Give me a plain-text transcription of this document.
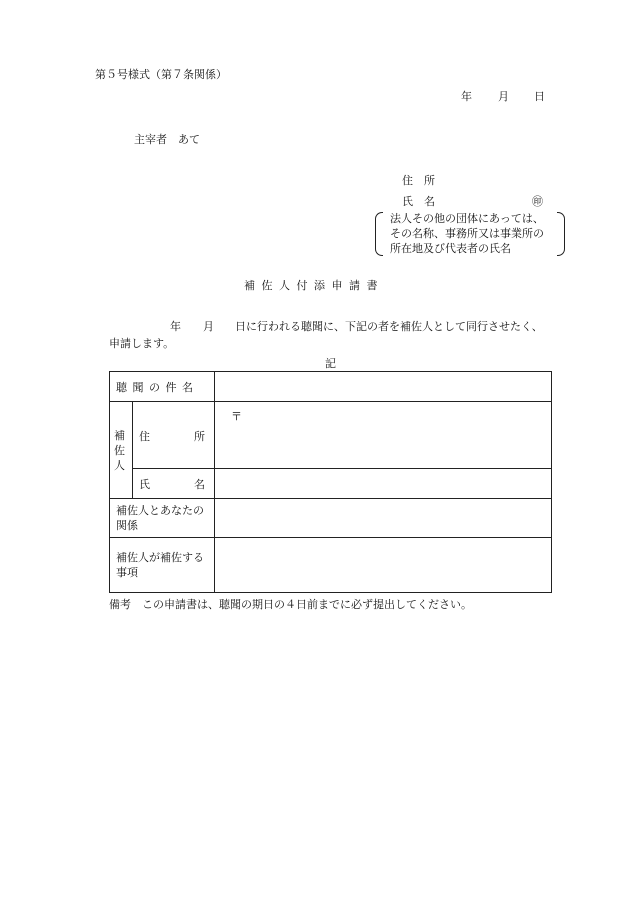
第５号様式（第７条関係）
年 月 日
主宰者　あて
住　所
氏　名	㊞
法人その他の団体にあっては、
その名称、事務所又は事業所の
所在地及び代表者の氏名
補 佐 人 付 添 申 請 書
年 月 日に行われる聴聞に、下記の者を補佐人として同行させたく、
申請します。
記
聴 聞 の 件 名		
補 佐 人	住　　　　所	〒
	氏　　　　名	
補佐人とあなたの関係		
補佐人が補佐する事項		
備考　この申請書は、聴聞の期日の４日前までに必ず提出してください。
